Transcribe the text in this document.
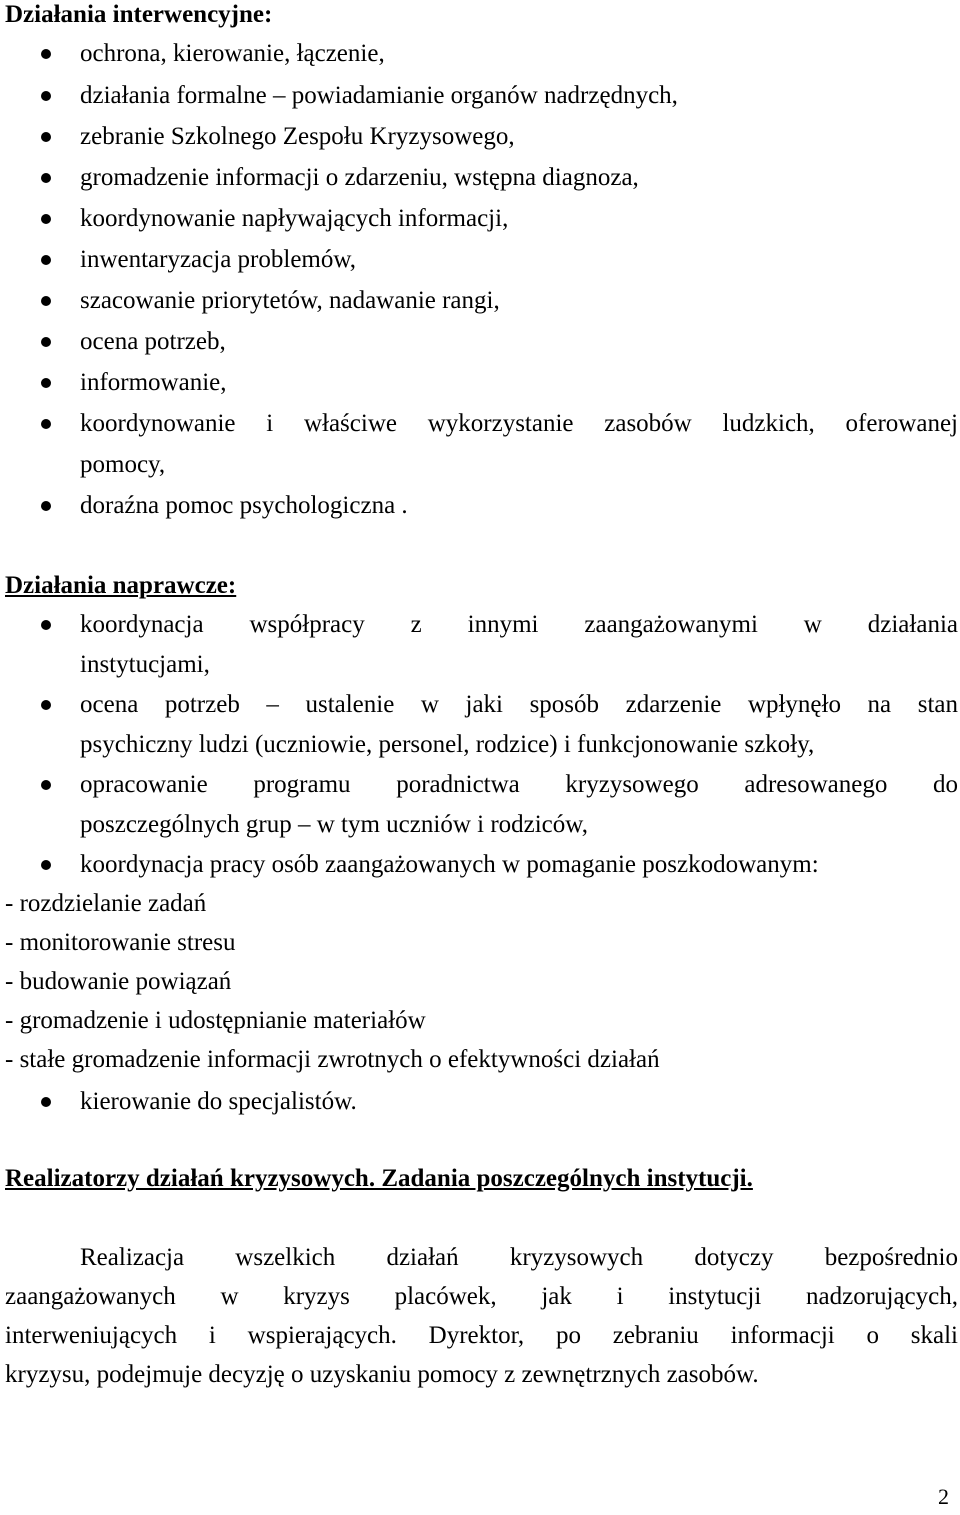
Działania interwencyjne:
ochrona, kierowanie, łączenie,
działania formalne – powiadamianie organów nadrzędnych,
zebranie Szkolnego Zespołu Kryzysowego,
gromadzenie informacji o zdarzeniu, wstępna diagnoza,
koordynowanie napływających informacji,
inwentaryzacja problemów,
szacowanie priorytetów, nadawanie rangi,
ocena potrzeb,
informowanie,
koordynowanie i właściwe wykorzystanie zasobów ludzkich, oferowanej
pomocy,
doraźna pomoc psychologiczna .
Działania naprawcze:
koordynacja współpracy z innymi zaangażowanymi w działania
instytucjami,
ocena potrzeb – ustalenie w jaki sposób zdarzenie wpłynęło na stan
psychiczny ludzi (uczniowie, personel, rodzice) i funkcjonowanie szkoły,
opracowanie programu poradnictwa kryzysowego adresowanego do
poszczególnych grup – w tym uczniów i rodziców,
koordynacja pracy osób zaangażowanych w pomaganie poszkodowanym:
- rozdzielanie zadań
- monitorowanie stresu
- budowanie powiązań
- gromadzenie i udostępnianie materiałów
- stałe gromadzenie informacji zwrotnych o efektywności działań
kierowanie do specjalistów.
Realizatorzy działań kryzysowych. Zadania poszczególnych instytucji.
Realizacja wszelkich działań kryzysowych dotyczy bezpośrednio
zaangażowanych w kryzys placówek, jak i instytucji nadzorujących,
interweniujących i wspierających. Dyrektor, po zebraniu informacji o skali
kryzysu, podejmuje decyzję o uzyskaniu pomocy z zewnętrznych zasobów.
2
